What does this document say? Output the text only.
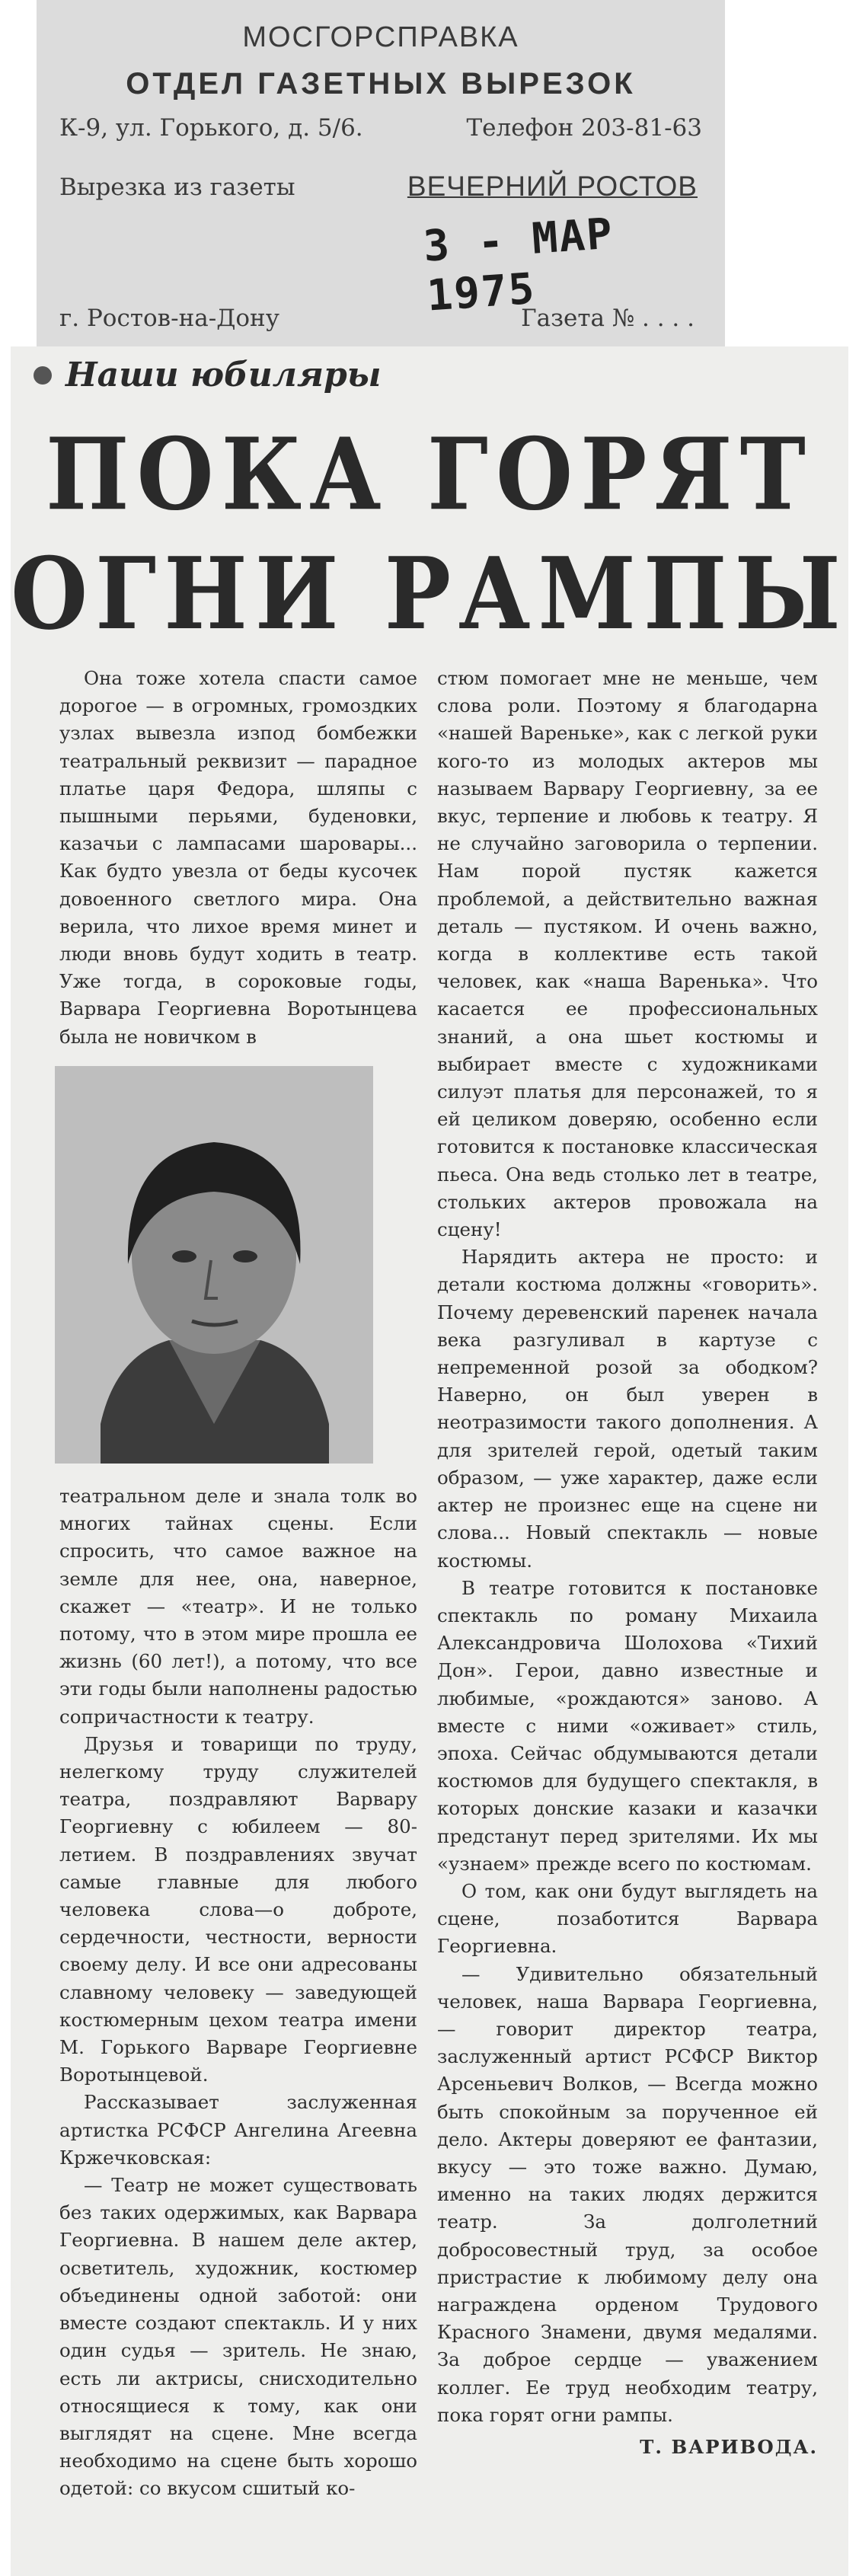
МОСГОРСПРАВКА
ОТДЕЛ ГАЗЕТНЫХ ВЫРЕЗОК
К-9, ул. Горького, д. 5/6.	Телефон 203-81-63
Вырезка из газеты	ВЕЧЕРНИЙ РОСТОВ
3 - МАР 1975
г. Ростов-на-Дону	Газета № . . . .
Наши юбиляры
ПОКА ГОРЯТ
ОГНИ РАМПЫ

Она тоже хотела спасти самое дорогое — в огромных, громоздких узлах вывезла изпод бомбежки театральный реквизит — парадное платье царя Федора, шляпы с пышными перьями, буденовки, казачьи с лампасами шаровары... Как будто увезла от беды кусочек довоенного светлого мира. Она верила, что лихое время минет и люди вновь будут ходить в театр. Уже тогда, в сороковые годы, Варвара Георгиевна Воротынцева была не новичком в

театральном деле и знала толк во многих тайнах сцены. Если спросить, что самое важное на земле для нее, она, наверное, скажет — «театр». И не только потому, что в этом мире прошла ее жизнь (60 лет!), а потому, что все эти годы были наполнены радостью сопричастности к театру.

Друзья и товарищи по труду, нелегкому труду служителей театра, поздравляют Варвару Георгиевну с юбилеем — 80-летием. В поздравлениях звучат самые главные для любого человека слова—о доброте, сердечности, честности, верности своему делу. И все они адресованы славному человеку — заведующей костюмерным цехом театра имени М. Горького Варваре Георгиевне Воротынцевой.

Рассказывает заслуженная артистка РСФСР Ангелина Агеевна Кржечковская:

— Театр не может существовать без таких одержимых, как Варвара Георгиевна. В нашем деле актер, осветитель, художник, костюмер объединены одной заботой: они вместе создают спектакль. И у них один судья — зритель. Не знаю, есть ли актрисы, снисходительно относящиеся к тому, как они выглядят на сцене. Мне всегда необходимо на сцене быть хорошо одетой: со вкусом сшитый ко-

стюм помогает мне не меньше, чем слова роли. Поэтому я благодарна «нашей Вареньке», как с легкой руки кого-то из молодых актеров мы называем Варвару Георгиевну, за ее вкус, терпение и любовь к театру. Я не случайно заговорила о терпении. Нам порой пустяк кажется проблемой, а действительно важная деталь — пустяком. И очень важно, когда в коллективе есть такой человек, как «наша Варенька». Что касается ее профессиональных знаний, а она шьет костюмы и выбирает вместе с художниками силуэт платья для персонажей, то я ей целиком доверяю, особенно если готовится к постановке классическая пьеса. Она ведь столько лет в театре, стольких актеров провожала на сцену!

Нарядить актера не просто: и детали костюма должны «говорить». Почему деревенский паренек начала века разгуливал в картузе с непременной розой за ободком? Наверно, он был уверен в неотразимости такого дополнения. А для зрителей герой, одетый таким образом, — уже характер, даже если актер не произнес еще на сцене ни слова... Новый спектакль — новые костюмы.

В театре готовится к постановке спектакль по роману Михаила Александровича Шолохова «Тихий Дон». Герои, давно известные и любимые, «рождаются» заново. А вместе с ними «оживает» стиль, эпоха. Сейчас обдумываются детали костюмов для будущего спектакля, в которых донские казаки и казачки предстанут перед зрителями. Их мы «узнаем» прежде всего по костюмам.

О том, как они будут выглядеть на сцене, позаботится Варвара Георгиевна.

— Удивительно обязательный человек, наша Варвара Георгиевна, — говорит директор театра, заслуженный артист РСФСР Виктор Арсеньевич Волков, — Всегда можно быть спокойным за порученное ей дело. Актеры доверяют ее фантазии, вкусу — это тоже важно. Думаю, именно на таких людях держится театр. За долголетний добросовестный труд, за особое пристрастие к любимому делу она награждена орденом Трудового Красного Знамени, двумя медалями. За доброе сердце — уважением коллег. Ее труд необходим театру, пока горят огни рампы.

Т. ВАРИВОДА.
